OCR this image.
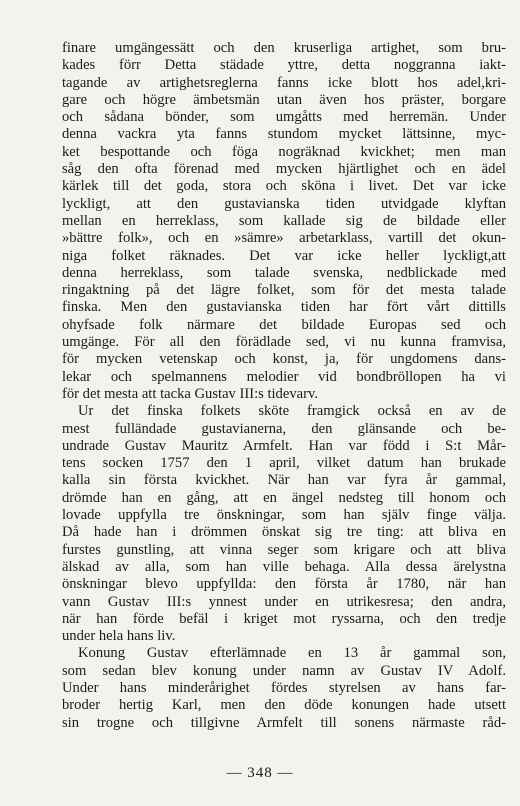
finare umgängessätt och den kruserliga artighet, som bru-
kades förr Detta städade yttre, detta noggranna iakt-
tagande av artighetsreglerna fanns icke blott hos adel,kri-
gare och högre ämbetsmän utan även hos präster, borgare
och sådana bönder, som umgåtts med herremän. Under
denna vackra yta fanns stundom mycket lättsinne, myc-
ket bespottande och föga nogräknad kvickhet; men man
såg den ofta förenad med mycken hjärtlighet och en ädel
kärlek till det goda, stora och sköna i livet. Det var icke
lyckligt, att den gustavianska tiden utvidgade klyftan
mellan en herreklass, som kallade sig de bildade eller
»bättre folk», och en »sämre» arbetarklass, vartill det okun-
niga folket räknades. Det var icke heller lyckligt,att
denna herreklass, som talade svenska, nedblickade med
ringaktning på det lägre folket, som för det mesta talade
finska. Men den gustavianska tiden har fört vårt dittills
ohyfsade folk närmare det bildade Europas sed och
umgänge. För all den förädlade sed, vi nu kunna framvisa,
för mycken vetenskap och konst, ja, för ungdomens dans-
lekar och spelmannens melodier vid bondbröllopen ha vi
för det mesta att tacka Gustav III:s tidevarv.
Ur det finska folkets sköte framgick också en av de
mest fulländade gustavianerna, den glänsande och be-
undrade Gustav Mauritz Armfelt. Han var född i S:t Mår-
tens socken 1757 den 1 april, vilket datum han brukade
kalla sin första kvickhet. När han var fyra år gammal,
drömde han en gång, att en ängel nedsteg till honom och
lovade uppfylla tre önskningar, som han själv finge välja.
Då hade han i drömmen önskat sig tre ting: att bliva en
furstes gunstling, att vinna seger som krigare och att bliva
älskad av alla, som han ville behaga. Alla dessa ärelystna
önskningar blevo uppfyllda: den första år 1780, när han
vann Gustav III:s ynnest under en utrikesresa; den andra,
när han förde befäl i kriget mot ryssarna, och den tredje
under hela hans liv.
Konung Gustav efterlämnade en 13 år gammal son,
som sedan blev konung under namn av Gustav IV Adolf.
Under hans minderårighet fördes styrelsen av hans far-
broder hertig Karl, men den döde konungen hade utsett
sin trogne och tillgivne Armfelt till sonens närmaste råd-
— 348 —
